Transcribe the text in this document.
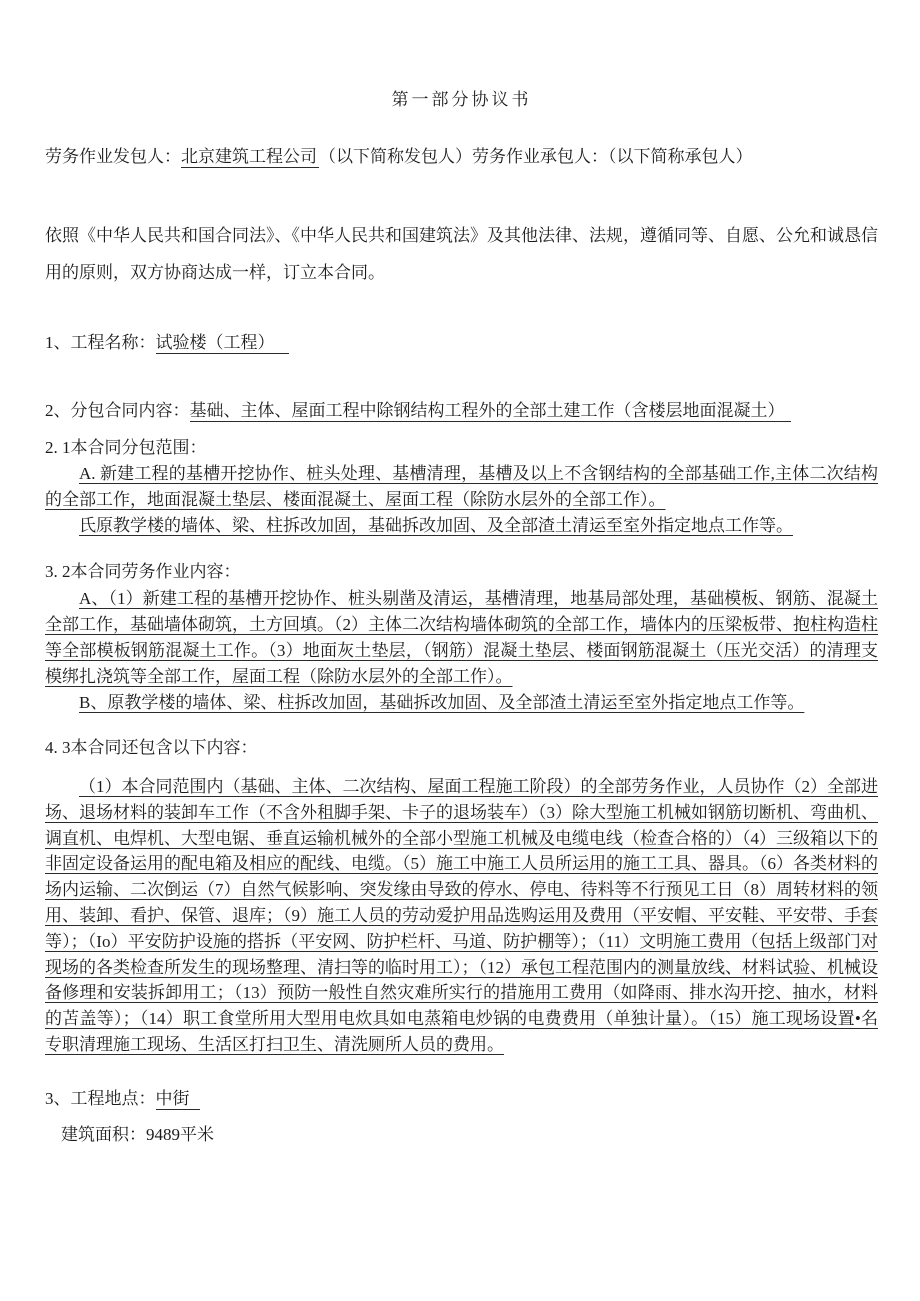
第一部分协议书

劳务作业发包人：北京建筑工程公司 （以下简称发包人）劳务作业承包人：（以下简称承包人）

依照《中华人民共和国合同法》、《中华人民共和国建筑法》及其他法律、法规，遵循同等、自愿、公允和诚恳信用的原则，双方协商达成一样，订立本合同。

1、工程名称：试验楼（工程）

2、分包合同内容：基础、主体、屋面工程中除钢结构工程外的全部土建工作（含楼层地面混凝土）

2. 1本合同分包范围：

A. 新建工程的基槽开挖协作、桩头处理、基槽清理，基槽及以上不含钢结构的全部基础工作,主体二次结构的全部工作，地面混凝土垫层、楼面混凝土、屋面工程（除防水层外的全部工作）。

氏原教学楼的墙体、梁、柱拆改加固，基础拆改加固、及全部渣土清运至室外指定地点工作等。

3. 2本合同劳务作业内容：

A、（1）新建工程的基槽开挖协作、桩头剔凿及清运，基槽清理，地基局部处理，基础模板、钢筋、混凝土全部工作，基础墙体砌筑，土方回填。（2）主体二次结构墙体砌筑的全部工作，墙体内的压梁板带、抱柱构造柱等全部模板钢筋混凝土工作。（3）地面灰土垫层，（钢筋）混凝土垫层、楼面钢筋混凝土（压光交活）的清理支模绑扎浇筑等全部工作，屋面工程（除防水层外的全部工作）。

B、原教学楼的墙体、梁、柱拆改加固，基础拆改加固、及全部渣土清运至室外指定地点工作等。

4. 3本合同还包含以下内容：

（1）本合同范围内（基础、主体、二次结构、屋面工程施工阶段）的全部劳务作业，人员协作（2）全部进场、退场材料的装卸车工作（不含外租脚手架、卡子的退场装车）（3）除大型施工机械如钢筋切断机、弯曲机、调直机、电焊机、大型电锯、垂直运输机械外的全部小型施工机械及电缆电线（检查合格的）（4）三级箱以下的非固定设备运用的配电箱及相应的配线、电缆。（5）施工中施工人员所运用的施工工具、器具。（6）各类材料的场内运输、二次倒运（7）自然气候影响、突发缘由导致的停水、停电、待料等不行预见工日（8）周转材料的领用、装卸、看护、保管、退库；（9）施工人员的劳动爱护用品选购运用及费用（平安帽、平安鞋、平安带、手套等）；（Io）平安防护设施的搭拆（平安网、防护栏杆、马道、防护棚等）；（11）文明施工费用（包括上级部门对现场的各类检查所发生的现场整理、清扫等的临时用工）；（12）承包工程范围内的测量放线、材料试验、机械设备修理和安装拆卸用工；（13）预防一般性自然灾难所实行的措施用工费用（如降雨、排水沟开挖、抽水，材料的苫盖等）；（14）职工食堂所用大型用电炊具如电蒸箱电炒锅的电费费用（单独计量）。（15）施工现场设置•名专职清理施工现场、生活区打扫卫生、清洗厕所人员的费用。

3、工程地点：中街

建筑面积：9489平米
